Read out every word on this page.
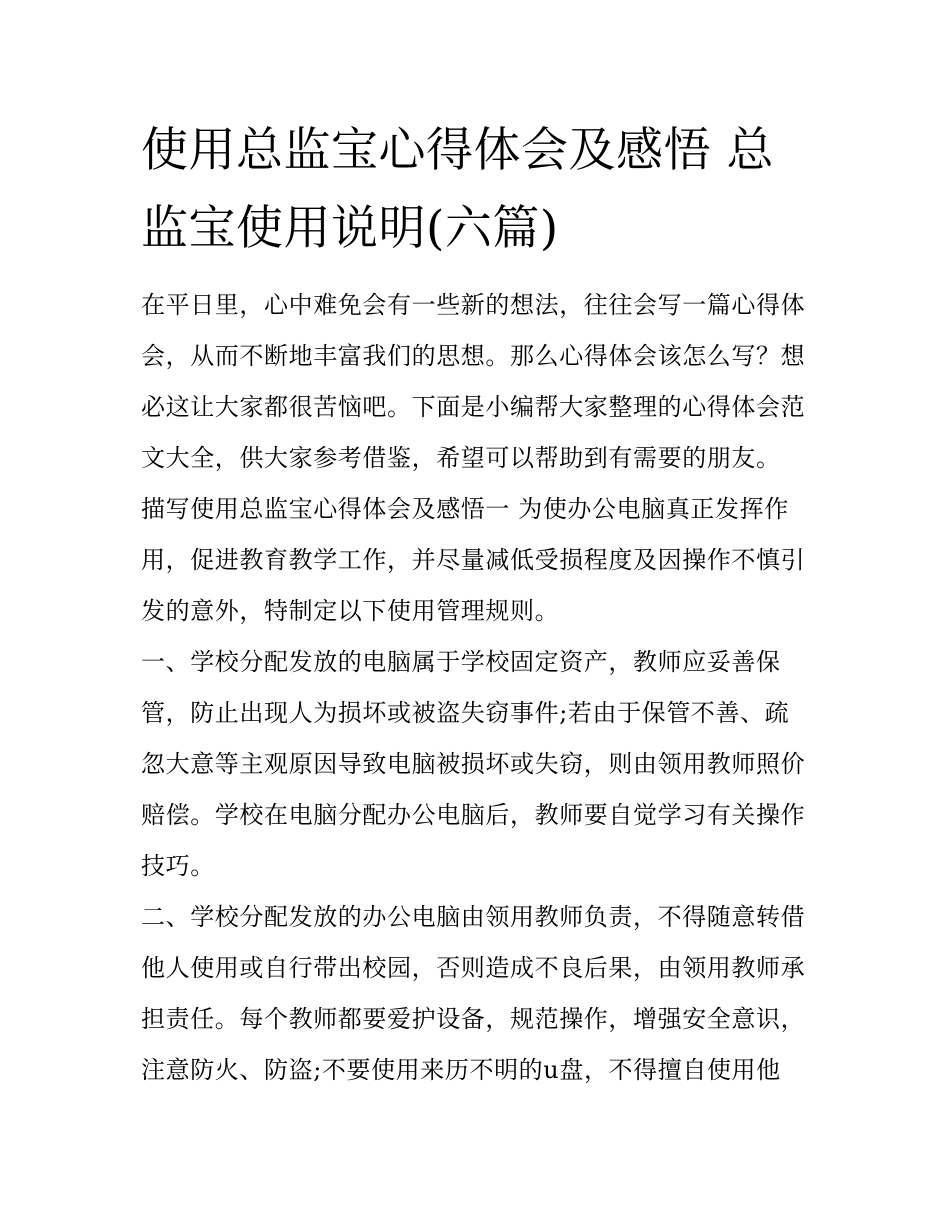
使用总监宝心得体会及感悟 总监宝使用说明(六篇)

在平日里，心中难免会有一些新的想法，往往会写一篇心得体会，从而不断地丰富我们的思想。那么心得体会该怎么写？想必这让大家都很苦恼吧。下面是小编帮大家整理的心得体会范文大全，供大家参考借鉴，希望可以帮助到有需要的朋友。

描写使用总监宝心得体会及感悟一 为使办公电脑真正发挥作用，促进教育教学工作，并尽量减低受损程度及因操作不慎引发的意外，特制定以下使用管理规则。

一、学校分配发放的电脑属于学校固定资产，教师应妥善保管，防止出现人为损坏或被盗失窃事件;若由于保管不善、疏忽大意等主观原因导致电脑被损坏或失窃，则由领用教师照价赔偿。学校在电脑分配办公电脑后，教师要自觉学习有关操作技巧。

二、学校分配发放的办公电脑由领用教师负责，不得随意转借他人使用或自行带出校园，否则造成不良后果，由领用教师承担责任。每个教师都要爱护设备，规范操作，增强安全意识，注意防火、防盗;不要使用来历不明的u盘，不得擅自使用他
